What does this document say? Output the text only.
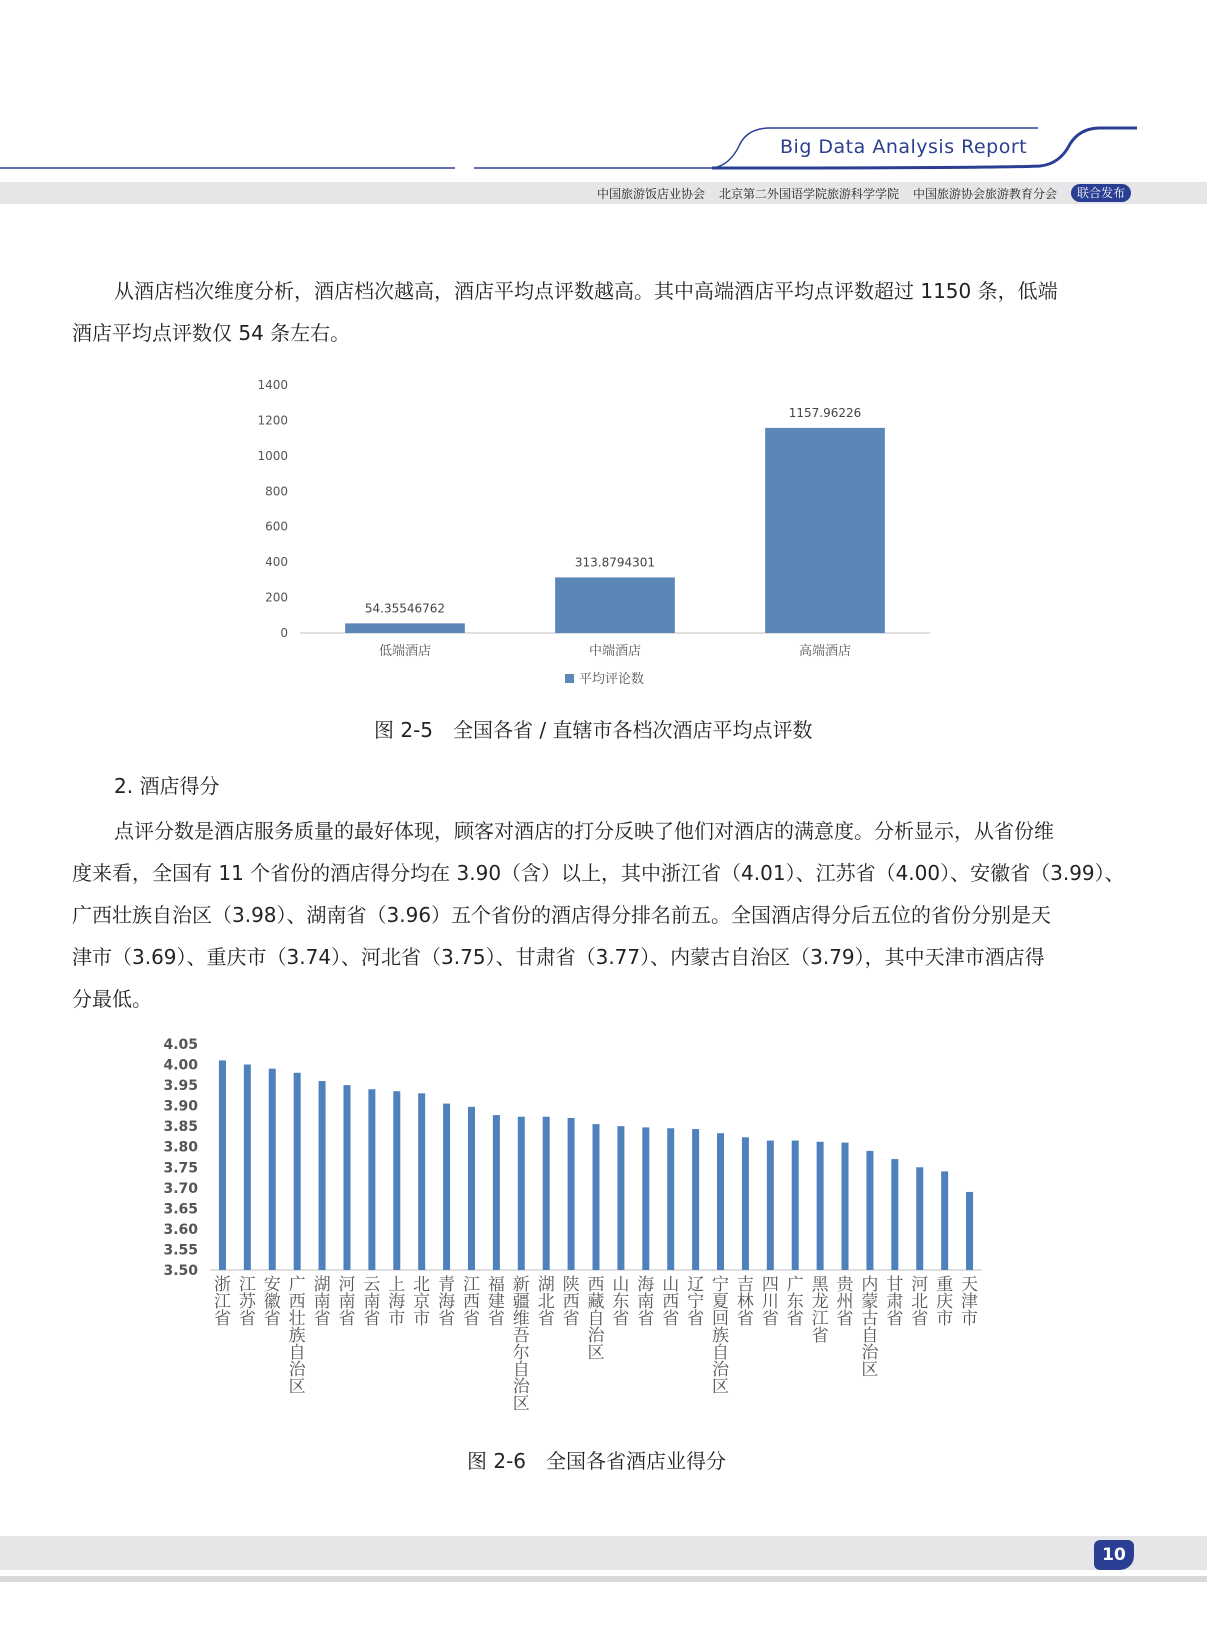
Big Data Analysis Report
中国旅游饭店业协会 北京第二外国语学院旅游科学学院 中国旅游协会旅游教育分会	联合发布
从酒店档次维度分析，酒店档次越高，酒店平均点评数越高。其中高端酒店平均点评数超过 1150 条，低端
酒店平均点评数仅 54 条左右。
0
200
400
600
800
1000
1200
1400
54.35546762
低端酒店
313.8794301
中端酒店
1157.96226
高端酒店
平均评论数
图 2-5　全国各省 / 直辖市各档次酒店平均点评数
2. 酒店得分
点评分数是酒店服务质量的最好体现，顾客对酒店的打分反映了他们对酒店的满意度。分析显示，从省份维
度来看，全国有 11 个省份的酒店得分均在 3.90（含）以上，其中浙江省（4.01）、江苏省（4.00）、安徽省（3.99）、
广西壮族自治区（3.98）、湖南省（3.96）五个省份的酒店得分排名前五。全国酒店得分后五位的省份分别是天
津市（3.69）、重庆市（3.74）、河北省（3.75）、甘肃省（3.77）、内蒙古自治区（3.79），其中天津市酒店得
分最低。
3.50
3.55
3.60
3.65
3.70
3.75
3.80
3.85
3.90
3.95
4.00
4.05
浙江省
江苏省
安徽省
广西壮族自治区
湖南省
河南省
云南省
上海市
北京市
青海省
江西省
福建省
新疆维吾尔自治区
湖北省
陕西省
西藏自治区
山东省
海南省
山西省
辽宁省
宁夏回族自治区
吉林省
四川省
广东省
黑龙江省
贵州省
内蒙古自治区
甘肃省
河北省
重庆市
天津市
图 2-6　全国各省酒店业得分
10
